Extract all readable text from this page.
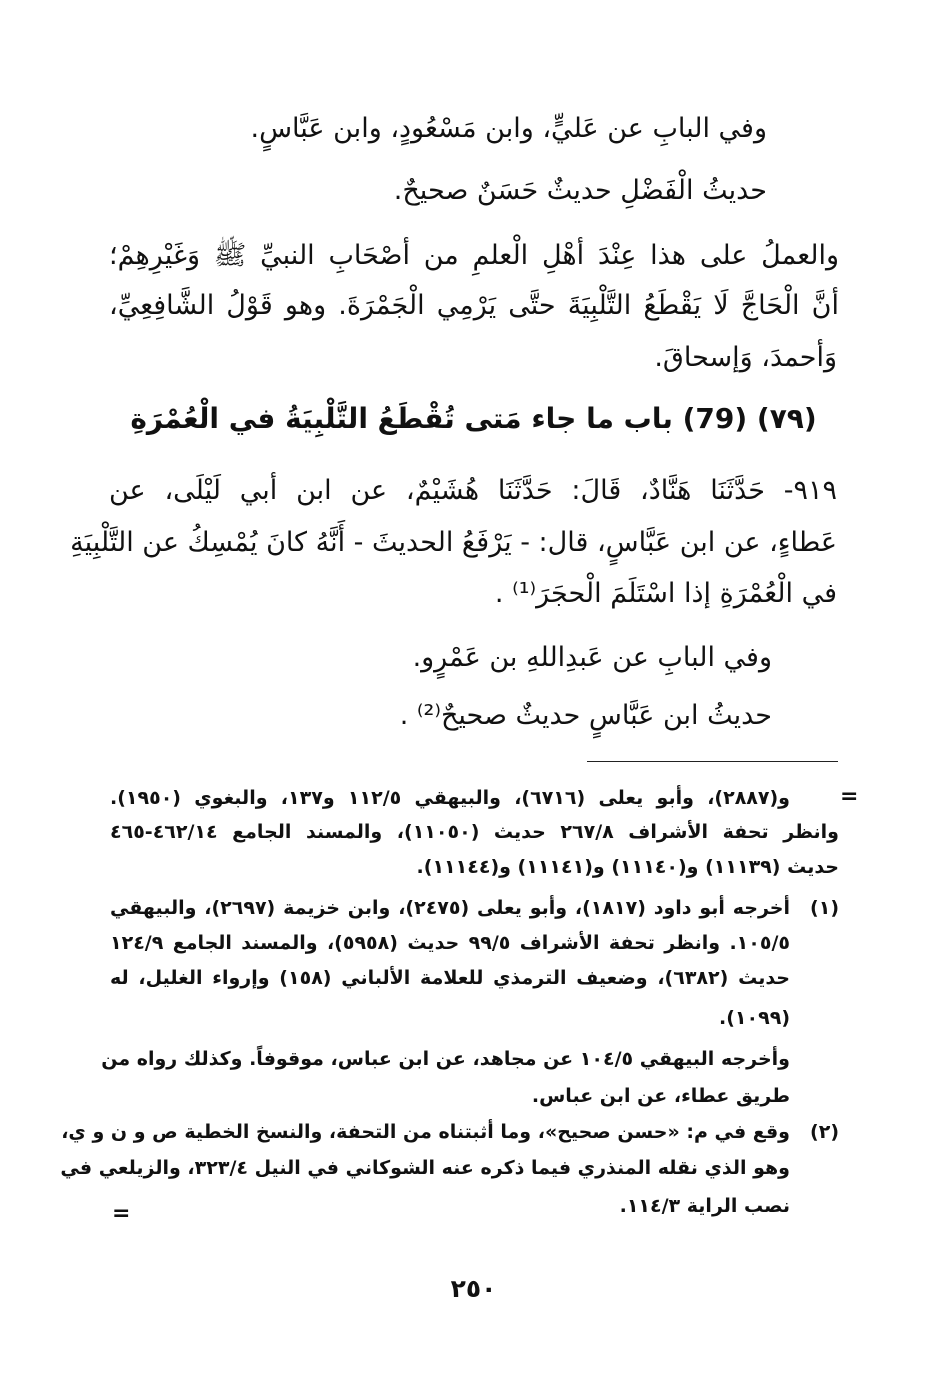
وفي البابِ عن عَليٍّ، وابن مَسْعُودٍ، وابن عَبَّاسٍ.
حديثُ الْفَضْلِ حديثٌ حَسَنٌ صحيحٌ.
والعملُ على هذا عِنْدَ أهْلِ الْعلمِ من أصْحَابِ النبيِّ ﷺ وَغَيْرِهِمْ؛
أنَّ الْحَاجَّ لَا يَقْطَعُ التَّلْبِيَةَ حتَّى يَرْمِي الْجَمْرَةَ. وهو قَوْلُ الشَّافِعِيِّ،
وَأحمدَ، وَإسحاقَ.
(٧٩) (79) باب ما جاء مَتى تُقْطَعُ التَّلْبِيَةُ في الْعُمْرَةِ
٩١٩- حَدَّثَنَا هَنَّادٌ، قَالَ: حَدَّثَنَا هُشَيْمٌ، عن ابن أبي لَيْلَى، عن
عَطاءٍ، عن ابن عَبَّاسٍ، قال: - يَرْفَعُ الحديثَ - أَنَّهُ كانَ يُمْسِكُ عن التَّلْبِيَةِ
في الْعُمْرَةِ إذا اسْتَلَمَ الْحجَرَ⁽¹⁾ .
وفي البابِ عن عَبدِاللهِ بن عَمْرٍو.
حديثُ ابن عَبَّاسٍ حديثٌ صحيحٌ⁽²⁾ .
=
و(٢٨٨٧)، وأبو يعلى (٦٧١٦)، والبيهقي ١١٢/٥ و١٣٧، والبغوي (١٩٥٠).
وانظر تحفة الأشراف ٢٦٧/٨ حديث (١١٠٥٠)، والمسند الجامع ٤٦٢/١٤-٤٦٥
حديث (١١١٣٩) و(١١١٤٠) و(١١١٤١) و(١١١٤٤).
(١)
أخرجه أبو داود (١٨١٧)، وأبو يعلى (٢٤٧٥)، وابن خزيمة (٢٦٩٧)، والبيهقي
١٠٥/٥. وانظر تحفة الأشراف ٩٩/٥ حديث (٥٩٥٨)، والمسند الجامع ١٢٤/٩
حديث (٦٣٨٢)، وضعيف الترمذي للعلامة الألباني (١٥٨) وإرواء الغليل، له
(١٠٩٩).
وأخرجه البيهقي ١٠٤/٥ عن مجاهد، عن ابن عباس، موقوفاً. وكذلك رواه من
طريق عطاء، عن ابن عباس.
(٢)
وقع في م: «حسن صحيح»، وما أثبتناه من التحفة، والنسخ الخطية ص و ن و ي،
وهو الذي نقله المنذري فيما ذكره عنه الشوكاني في النيل ٣٢٣/٤، والزيلعي في
نصب الراية ١١٤/٣.
=
٢٥٠
